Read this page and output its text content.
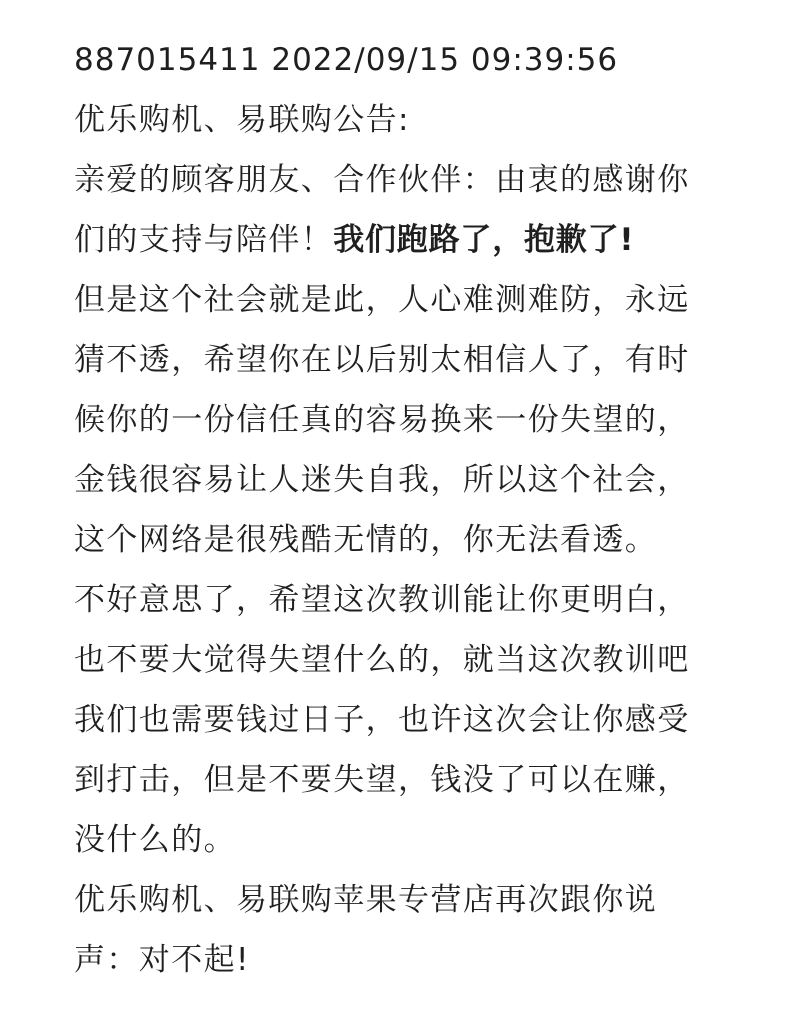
887015411 2022/09/15 09:39:56
优乐购机、易联购公告:
亲爱的顾客朋友、合作伙伴：由衷的感谢你
们的支持与陪伴！我们跑路了，抱歉了!
但是这个社会就是此，人心难测难防，永远
猜不透，希望你在以后别太相信人了，有时
候你的一份信任真的容易换来一份失望的，
金钱很容易让人迷失自我，所以这个社会，
这个网络是很残酷无情的，你无法看透。
不好意思了，希望这次教训能让你更明白，
也不要大觉得失望什么的，就当这次教训吧
我们也需要钱过日子，也许这次会让你感受
到打击，但是不要失望，钱没了可以在赚，
没什么的。
优乐购机、易联购苹果专营店再次跟你说
声：对不起!
